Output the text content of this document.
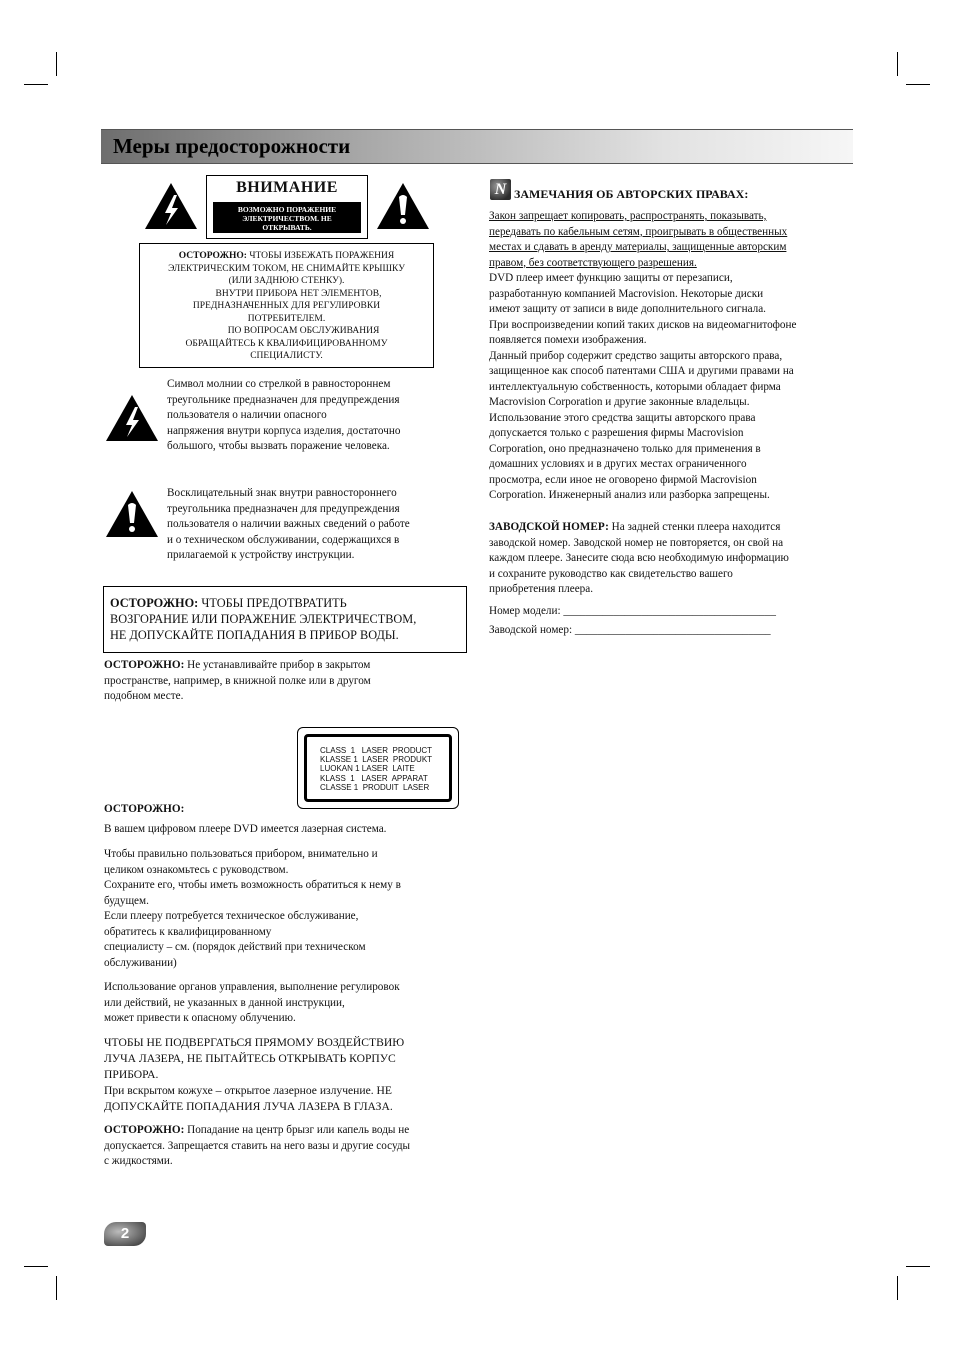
Меры предосторожности
ВНИМАНИЕ
ВОЗМОЖНО ПОРАЖЕНИЕ
ЭЛЕКТРИЧЕСТВОМ. НЕ
ОТКРЫВАТЬ.
ОСТОРОЖНО: ЧТОБЫ ИЗБЕЖАТЬ ПОРАЖЕНИЯ
ЭЛЕКТРИЧЕСКИМ ТОКОМ, НЕ СНИМАЙТЕ КРЫШКУ
(ИЛИ ЗАДНЮЮ СТЕНКУ).
ВНУТРИ ПРИБОРА НЕТ ЭЛЕМЕНТОВ,
ПРЕДНАЗНАЧЕННЫХ ДЛЯ РЕГУЛИРОВКИ
ПОТРЕБИТЕЛЕМ.
ПО ВОПРОСАМ ОБСЛУЖИВАНИЯ
ОБРАЩАЙТЕСЬ К КВАЛИФИЦИРОВАННОМУ
СПЕЦИАЛИСТУ.
Символ молнии со стрелкой в равностороннем
треугольнике предназначен для предупреждения
пользователя о наличии опасного
напряжения внутри корпуса изделия, достаточно
большого, чтобы вызвать поражение человека.
Восклицательный знак внутри равностороннего
треугольника предназначен для предупреждения
пользователя о наличии важных сведений о работе
и о техническом обслуживании, содержащихся в
прилагаемой к устройству инструкции.
ОСТОРОЖНО: ЧТОБЫ ПРЕДОТВРАТИТЬ
ВОЗГОРАНИЕ ИЛИ ПОРАЖЕНИЕ ЭЛЕКТРИЧЕСТВОМ,
НЕ ДОПУСКАЙТЕ ПОПАДАНИЯ В ПРИБОР ВОДЫ.
ОСТОРОЖНО: Не устанавливайте прибор в закрытом
пространстве, например, в книжной полке или в другом
подобном месте.
CLASS  1   LASER  PRODUCT
KLASSE 1  LASER  PRODUKT
LUOKAN 1 LASER  LAITE
KLASS  1   LASER  APPARAT
CLASSE 1  PRODUIT  LASER
ОСТОРОЖНО:
В вашем цифровом плеере DVD имеется лазерная система.
Чтобы правильно пользоваться прибором, внимательно и
целиком ознакомьтесь с руководством.
Сохраните его, чтобы иметь возможность обратиться к нему в
будущем.
Если плееру потребуется техническое обслуживание,
обратитесь к квалифицированному
специалисту – см. (порядок действий при техническом
обслуживании)
Использование органов управления, выполнение регулировок
или действий, не указанных в данной инструкции,
может привести к опасному облучению.
ЧТОБЫ НЕ ПОДВЕРГАТЬСЯ ПРЯМОМУ ВОЗДЕЙСТВИЮ
ЛУЧА ЛАЗЕРА, НЕ ПЫТАЙТЕСЬ ОТКРЫВАТЬ КОРПУС
ПРИБОРА.
При вскрытом кожухе – открытое лазерное излучение. НЕ
ДОПУСКАЙТЕ ПОПАДАНИЯ ЛУЧА ЛАЗЕРА В ГЛАЗА.
ОСТОРОЖНО: Попадание на центр брызг или капель воды не
допускается. Запрещается ставить на него вазы и другие сосуды
с жидкостями.
N ЗАМЕЧАНИЯ ОБ АВТОРСКИХ ПРАВАХ:
Закон запрещает копировать, распространять, показывать,
передавать по кабельным сетям, проигрывать в общественных
местах и сдавать в аренду материалы, защищенные авторским
правом, без соответствующего разрешения.
DVD плеер имеет функцию защиты от перезаписи,
разработанную компанией Macrovision. Некоторые диски
имеют защиту от записи в виде дополнительного сигнала.
При воспроизведении копий таких дисков на видеомагнитофоне
появляется помехи изображения.
Данный прибор содержит средство защиты авторского права,
защищенное как способ патентами США и другими правами на
интеллектуальную собственность, которыми обладает фирма
Macrovision Corporation и другие законные владельцы.
Использование этого средства защиты авторского права
допускается только с разрешения фирмы Macrovision
Corporation, оно предназначено только для применения в
домашних условиях и в других местах ограниченного
просмотра, если иное не оговорено фирмой Macrovision
Corporation. Инженерный анализ или разборка запрещены.
ЗАВОДСКОЙ НОМЕР: На задней стенки плеера находится
заводской номер. Заводской номер не повторяется, он свой на
каждом плеере. Занесите сюда всю необходимую информацию
и сохраните руководство как свидетельство вашего
приобретения плеера.
Номер модели: ______________________________________
Заводской номер: ___________________________________
2
